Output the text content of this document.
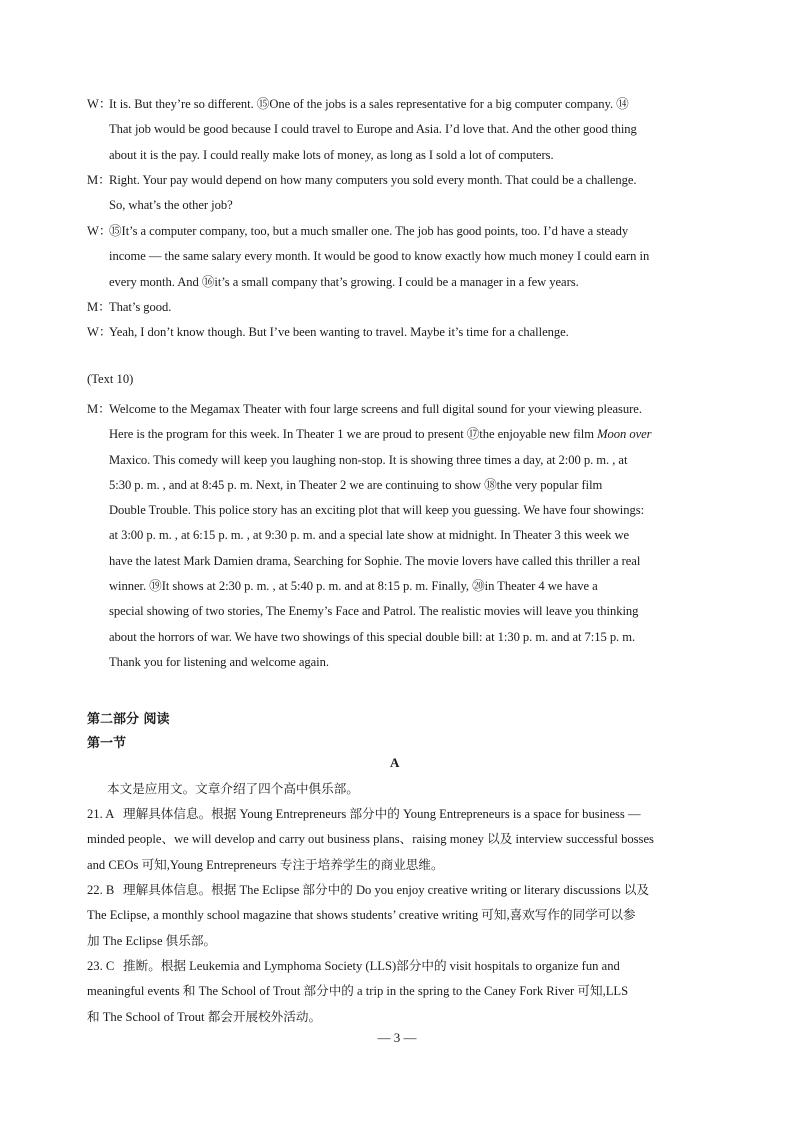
W：It is. But they’re so different. ⑮One of the jobs is a sales representative for a big computer company. ⑭
That job would be good because I could travel to Europe and Asia. I’d love that. And the other good thing
about it is the pay. I could really make lots of money, as long as I sold a lot of computers.
M：Right. Your pay would depend on how many computers you sold every month. That could be a challenge.
So, what’s the other job?
W：⑮It’s a computer company, too, but a much smaller one. The job has good points, too. I’d have a steady
income — the same salary every month. It would be good to know exactly how much money I could earn in
every month. And ⑯it’s a small company that’s growing. I could be a manager in a few years.
M：That’s good.
W：Yeah, I don’t know though. But I’ve been wanting to travel. Maybe it’s time for a challenge.
(Text 10)
M：Welcome to the Megamax Theater with four large screens and full digital sound for your viewing pleasure.
Here is the program for this week. In Theater 1 we are proud to present ⑰the enjoyable new film Moon over
Maxico. This comedy will keep you laughing non-stop. It is showing three times a day, at 2:00 p. m. , at
5:30 p. m. , and at 8:45 p. m. Next, in Theater 2 we are continuing to show ⑱the very popular film
Double Trouble. This police story has an exciting plot that will keep you guessing. We have four showings:
at 3:00 p. m. , at 6:15 p. m. , at 9:30 p. m. and a special late show at midnight. In Theater 3 this week we
have the latest Mark Damien drama, Searching for Sophie. The movie lovers have called this thriller a real
winner. ⑲It shows at 2:30 p. m. , at 5:40 p. m. and at 8:15 p. m. Finally, ⑳in Theater 4 we have a
special showing of two stories, The Enemy’s Face and Patrol. The realistic movies will leave you thinking
about the horrors of war. We have two showings of this special double bill: at 1:30 p. m. and at 7:15 p. m.
Thank you for listening and welcome again.
第二部分 阅读
第一节
A
本文是应用文。文章介绍了四个高中俱乐部。
21. A 理解具体信息。根据 Young Entrepreneurs 部分中的 Young Entrepreneurs is a space for business —
minded people、we will develop and carry out business plans、raising money 以及 interview successful bosses
and CEOs 可知,Young Entrepreneurs 专注于培养学生的商业思维。
22. B 理解具体信息。根据 The Eclipse 部分中的 Do you enjoy creative writing or literary discussions 以及
The Eclipse, a monthly school magazine that shows students’ creative writing 可知,喜欢写作的同学可以参
加 The Eclipse 俱乐部。
23. C 推断。根据 Leukemia and Lymphoma Society (LLS)部分中的 visit hospitals to organize fun and
meaningful events 和 The School of Trout 部分中的 a trip in the spring to the Caney Fork River 可知,LLS
和 The School of Trout 都会开展校外活动。
— 3 —
